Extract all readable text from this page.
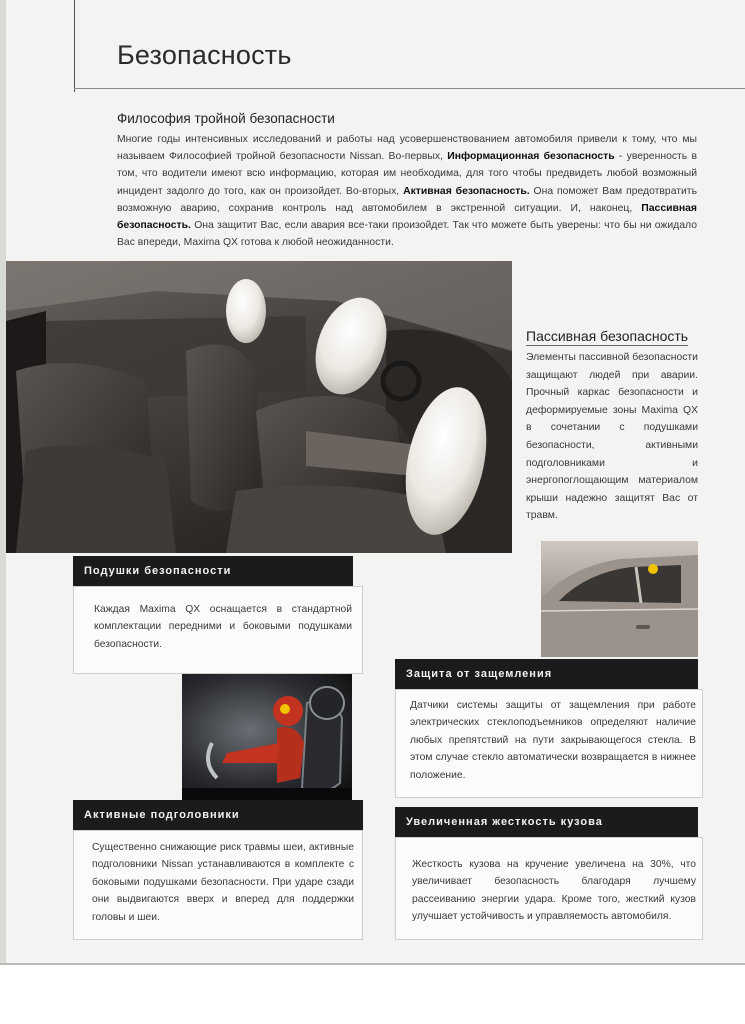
Безопасность
Философия тройной безопасности
Многие годы интенсивных исследований и работы над усовершенствованием автомобиля привели к тому, что мы называем Философией тройной безопасности Nissan. Во-первых, Информационная безопасность - уверенность в том, что водители имеют всю информацию, которая им необходима, для того чтобы предвидеть любой возможный инцидент задолго до того, как он произойдет. Во-вторых, Активная безопасность. Она поможет Вам предотвратить возможную аварию, сохранив контроль над автомобилем в экстренной ситуации. И, наконец, Пассивная безопасность. Она защитит Вас, если авария все-таки произойдет. Так что можете быть уверены: что бы ни ожидало Вас впереди, Maxima QX готова к любой неожиданности.
Пассивная безопасность
Элементы пассивной безопасности защищают людей при аварии. Прочный каркас безопасности и деформируемые зоны Maxima QX в сочетании с подушками безопасности, активными подголовниками и энергопоглощающим материалом крыши надежно защитят Вас от травм.
Подушки безопасности

Каждая Maxima QX оснащается в стандартной комплектации передними и боковыми подушками безопасности.

Защита от защемления

Датчики системы защиты от защемления при работе электрических стеклоподъемников определяют наличие любых препятствий на пути закрывающегося стекла. В этом случае стекло автоматически возвращается в нижнее положение.

Активные подголовники

Существенно снижающие риск травмы шеи, активные подголовники Nissan устанавливаются в комплекте с боковыми подушками безопасности. При ударе сзади они выдвигаются вверх и вперед для поддержки головы и шеи.

Увеличенная жесткость кузова

Жесткость кузова на кручение увеличена на 30%, что увеличивает безопасность благодаря лучшему рассеиванию энергии удара. Кроме того, жесткий кузов улучшает устойчивость и управляемость автомобиля.
